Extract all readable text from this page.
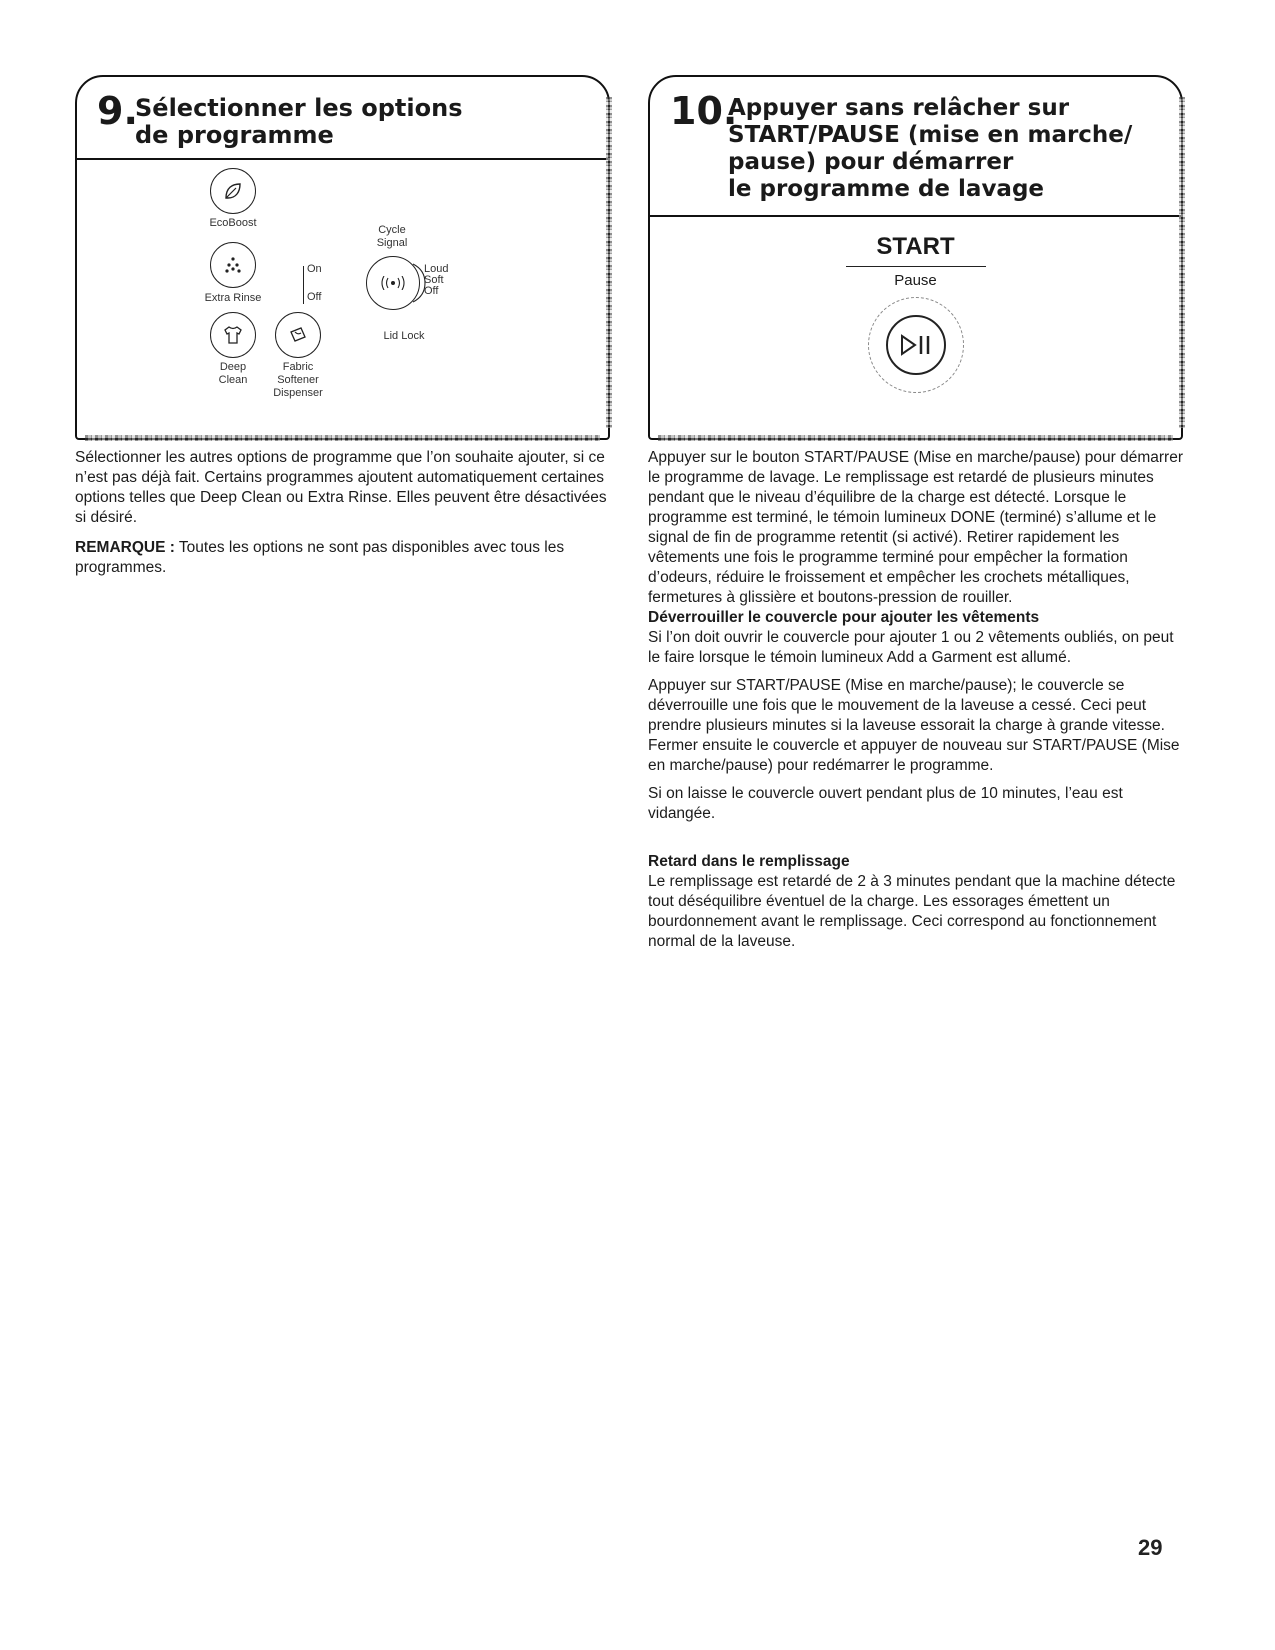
9.
Sélectionner les options
de programme
EcoBoost
Extra Rinse
On
Off
Deep
Clean
Fabric
Softener
Dispenser
Cycle
Signal
Loud
Soft
Off
Lid Lock

Sélectionner les autres options de programme que l’on souhaite ajouter, si ce n’est pas déjà fait. Certains programmes ajoutent automatiquement certaines options telles que Deep Clean ou Extra Rinse. Elles peuvent être désactivées si désiré.

REMARQUE : Toutes les options ne sont pas disponibles avec tous les programmes.

10.
Appuyer sans relâcher sur
START/PAUSE (mise en marche/
pause) pour démarrer
le programme de lavage
START
Pause

Appuyer sur le bouton START/PAUSE (Mise en marche/pause) pour démarrer le programme de lavage. Le remplissage est retardé de plusieurs minutes pendant que le niveau d’équilibre de la charge est détecté. Lorsque le programme est terminé, le témoin lumineux DONE (terminé) s’allume et le signal de fin de programme retentit (si activé). Retirer rapidement les vêtements une fois le programme terminé pour empêcher la formation d’odeurs, réduire le froissement et empêcher les crochets métalliques, fermetures à glissière et boutons-pression de rouiller.

Déverrouiller le couvercle pour ajouter les vêtements

Si l’on doit ouvrir le couvercle pour ajouter 1 ou 2 vêtements oubliés, on peut le faire lorsque le témoin lumineux Add a Garment est allumé.

Appuyer sur START/PAUSE (Mise en marche/pause); le couvercle se déverrouille une fois que le mouvement de la laveuse a cessé. Ceci peut prendre plusieurs minutes si la laveuse essorait la charge à grande vitesse. Fermer ensuite le couvercle et appuyer de nouveau sur START/PAUSE (Mise en marche/pause) pour redémarrer le programme.

Si on laisse le couvercle ouvert pendant plus de 10 minutes, l’eau est vidangée.

Retard dans le remplissage

Le remplissage est retardé de 2 à 3 minutes pendant que la machine détecte tout déséquilibre éventuel de la charge. Les essorages émettent un bourdonnement avant le remplissage. Ceci correspond au fonctionnement normal de la laveuse.

29
